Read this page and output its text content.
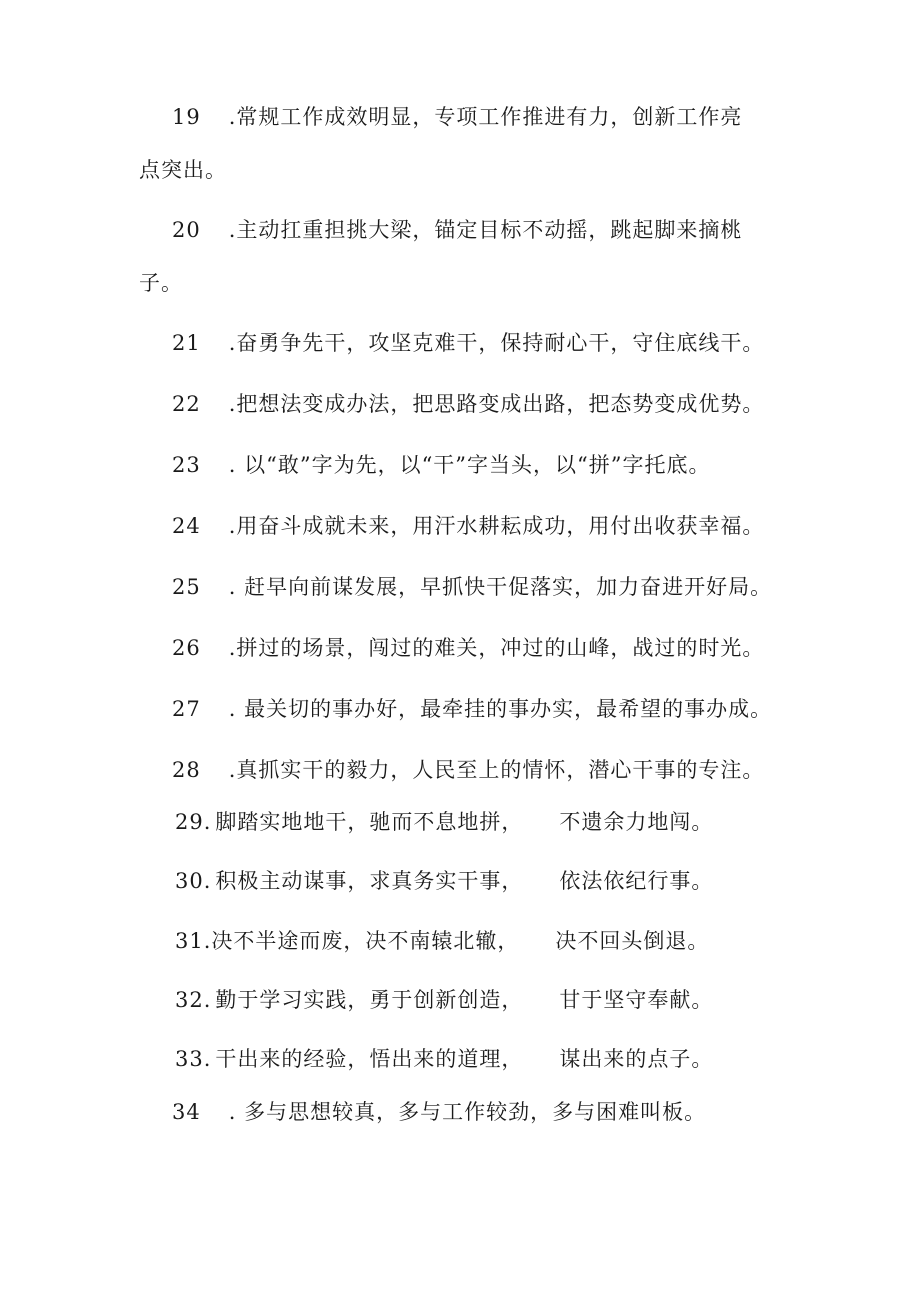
19 .常规工作成效明显，专项工作推进有力，创新工作亮
点突出。
20 .主动扛重担挑大梁，锚定目标不动摇，跳起脚来摘桃
子。
21 .奋勇争先干，攻坚克难干，保持耐心干，守住底线干。
22 .把想法变成办法，把思路变成出路，把态势变成优势。
23 . 以“敢”字为先，以“干”字当头，以“拼”字托底。
24 .用奋斗成就未来，用汗水耕耘成功，用付出收获幸福。
25 . 赶早向前谋发展，早抓快干促落实，加力奋进开好局。
26 .拼过的场景，闯过的难关，冲过的山峰，战过的时光。
27 . 最关切的事办好，最牵挂的事办实，最希望的事办成。
28 .真抓实干的毅力，人民至上的情怀，潜心干事的专注。
29. 脚踏实地地干，驰而不息地拼， 不遗余力地闯。
30. 积极主动谋事，求真务实干事， 依法依纪行事。
31.决不半途而废，决不南辕北辙， 决不回头倒退。
32. 勤于学习实践，勇于创新创造， 甘于坚守奉献。
33. 干出来的经验，悟出来的道理， 谋出来的点子。
34 . 多与思想较真，多与工作较劲，多与困难叫板。
